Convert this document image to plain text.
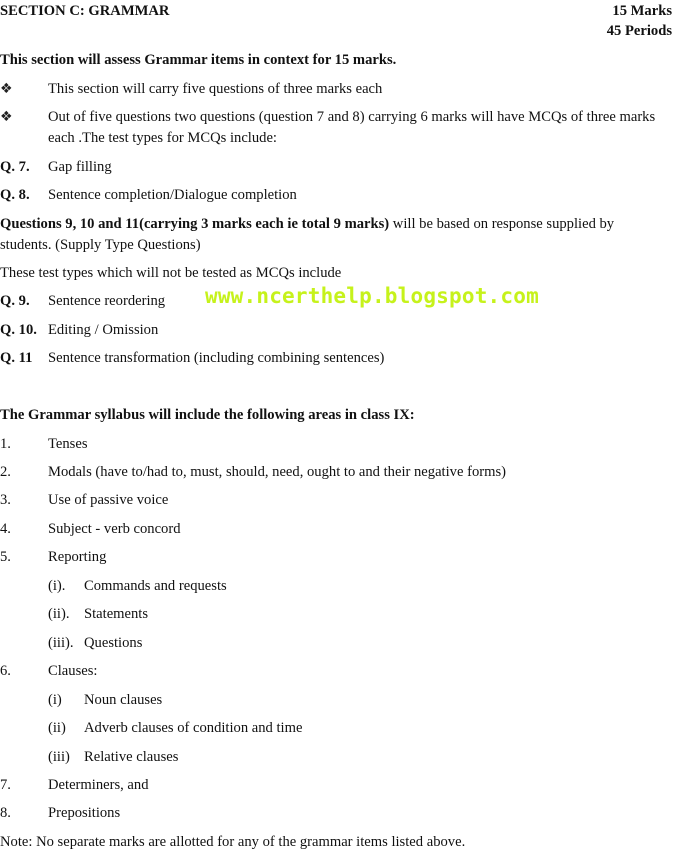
SECTION C: GRAMMAR	15 Marks
45 Periods
This section will assess Grammar items in context for 15 marks.
❖ This section will carry five questions of three marks each
❖ Out of five questions two questions (question 7 and 8) carrying 6 marks will have MCQs of three marks
each .The test types for MCQs include:
Q. 7. Gap filling
Q. 8. Sentence completion/Dialogue completion
Questions 9, 10 and 11(carrying 3 marks each ie total 9 marks) will be based on response supplied by
students. (Supply Type Questions)
These test types which will not be tested as MCQs include
Q. 9. Sentence reordering
Q. 10. Editing / Omission
Q. 11 Sentence transformation (including combining sentences)
www.ncerthelp.blogspot.com
The Grammar syllabus will include the following areas in class IX:
1.	Tenses
2.	Modals (have to/had to, must, should, need, ought to and their negative forms)
3.	Use of passive voice
4.	Subject - verb concord
5.	Reporting
(i). Commands and requests
(ii). Statements
(iii). Questions
6.	Clauses:
(i) Noun clauses
(ii) Adverb clauses of condition and time
(iii) Relative clauses
7.	Determiners, and
8.	Prepositions
Note: No separate marks are allotted for any of the grammar items listed above.
